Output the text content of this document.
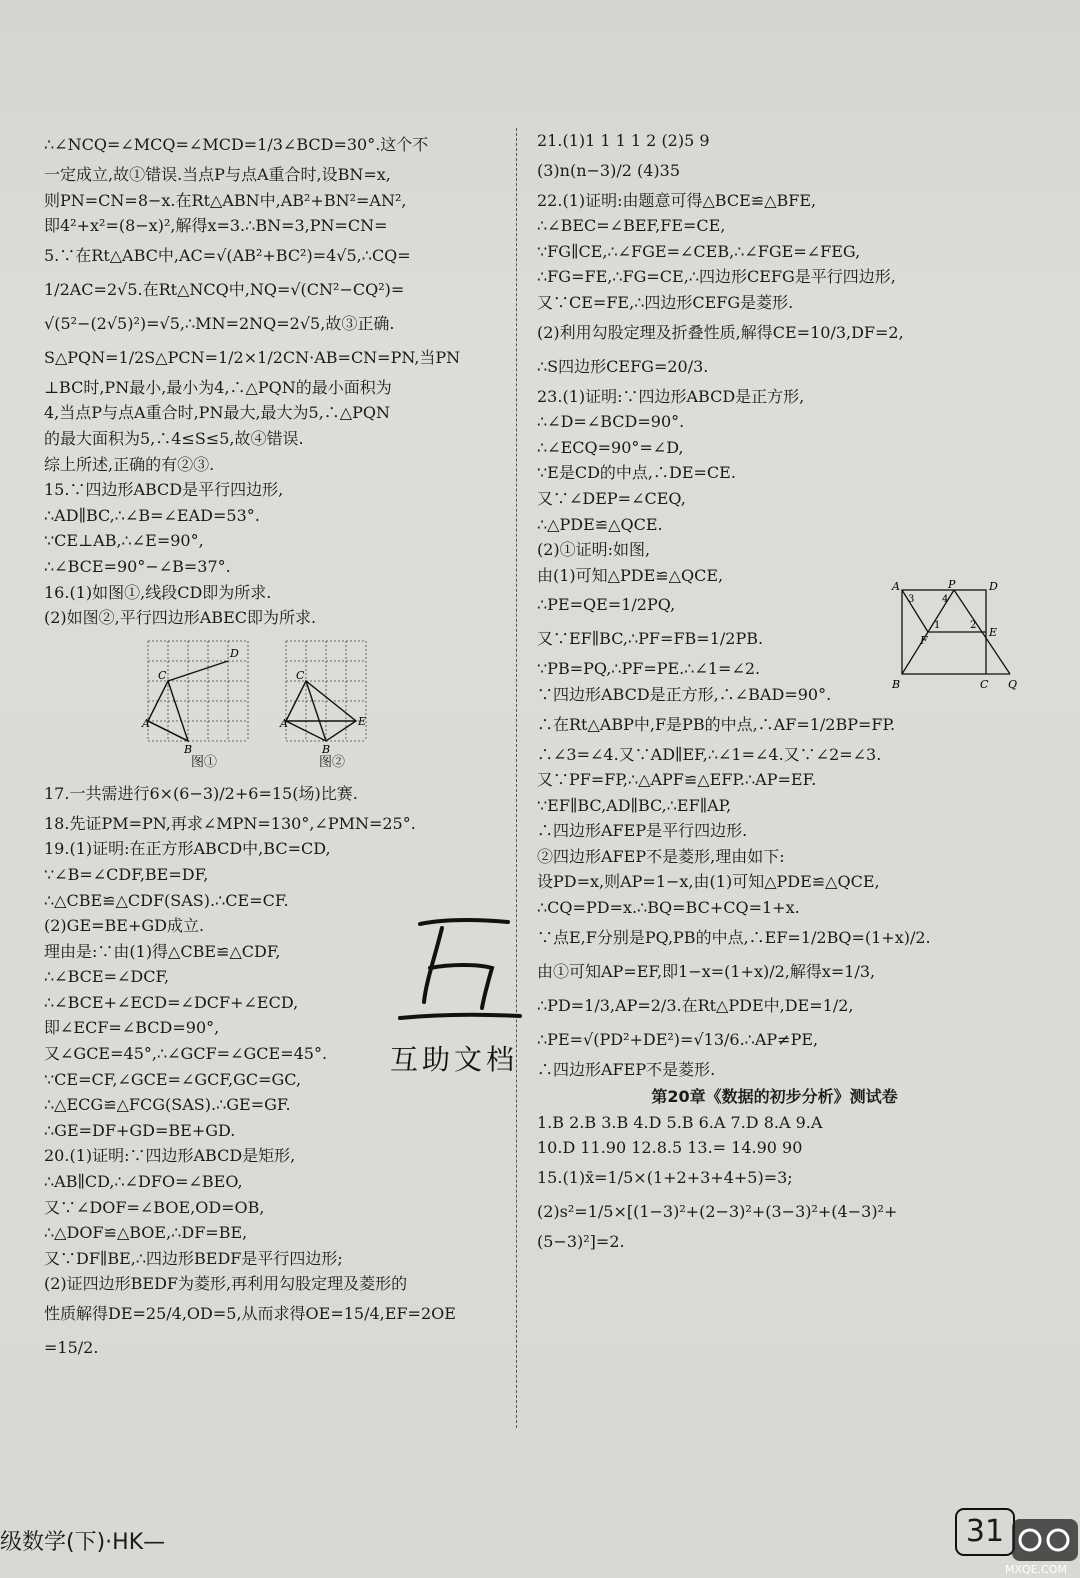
∴∠NCQ=∠MCQ=∠MCD=1/3∠BCD=30°.这个不
一定成立,故①错误.当点P与点A重合时,设BN=x,
则PN=CN=8−x.在Rt△ABN中,AB²+BN²=AN²,
即4²+x²=(8−x)²,解得x=3.∴BN=3,PN=CN=
5.∵在Rt△ABC中,AC=√(AB²+BC²)=4√5,∴CQ=
1/2AC=2√5.在Rt△NCQ中,NQ=√(CN²−CQ²)=
√(5²−(2√5)²)=√5,∴MN=2NQ=2√5,故③正确.
S△PQN=1/2S△PCN=1/2×1/2CN·AB=CN=PN,当PN
⊥BC时,PN最小,最小为4,∴△PQN的最小面积为
4,当点P与点A重合时,PN最大,最大为5,∴△PQN
的最大面积为5,∴4≤S≤5,故④错误.
综上所述,正确的有②③.
15.∵四边形ABCD是平行四边形,
∴AD∥BC,∴∠B=∠EAD=53°.
∵CE⊥AB,∴∠E=90°,
∴∠BCE=90°−∠B=37°.
16.(1)如图①,线段CD即为所求.
(2)如图②,平行四边形ABEC即为所求.
D
C
A
B
图①
C
A	E
B
图②
17.一共需进行6×(6−3)/2+6=15(场)比赛.
18.先证PM=PN,再求∠MPN=130°,∠PMN=25°.
19.(1)证明:在正方形ABCD中,BC=CD,
∵∠B=∠CDF,BE=DF,
∴△CBE≌△CDF(SAS).∴CE=CF.
(2)GE=BE+GD成立.
理由是:∵由(1)得△CBE≌△CDF,
∴∠BCE=∠DCF,
∴∠BCE+∠ECD=∠DCF+∠ECD,
即∠ECF=∠BCD=90°,
又∠GCE=45°,∴∠GCF=∠GCE=45°.
∵CE=CF,∠GCE=∠GCF,GC=GC,
∴△ECG≌△FCG(SAS).∴GE=GF.
∴GE=DF+GD=BE+GD.
20.(1)证明:∵四边形ABCD是矩形,
∴AB∥CD,∴∠DFO=∠BEO,
又∵∠DOF=∠BOE,OD=OB,
∴△DOF≌△BOE,∴DF=BE,
又∵DF∥BE,∴四边形BEDF是平行四边形;
(2)证四边形BEDF为菱形,再利用勾股定理及菱形的
性质解得DE=25/4,OD=5,从而求得OE=15/4,EF=2OE
=15/2.
21.(1)1 1 1 1 2 (2)5 9
(3)n(n−3)/2 (4)35
22.(1)证明:由题意可得△BCE≌△BFE,
∴∠BEC=∠BEF,FE=CE,
∵FG∥CE,∴∠FGE=∠CEB,∴∠FGE=∠FEG,
∴FG=FE,∴FG=CE,∴四边形CEFG是平行四边形,
又∵CE=FE,∴四边形CEFG是菱形.
(2)利用勾股定理及折叠性质,解得CE=10/3,DF=2,
∴S四边形CEFG=20/3.
23.(1)证明:∵四边形ABCD是正方形,
∴∠D=∠BCD=90°.
∴∠ECQ=90°=∠D,
∵E是CD的中点,∴DE=CE.
又∵∠DEP=∠CEQ,
∴△PDE≌△QCE.
(2)①证明:如图,
由(1)可知△PDE≌△QCE,
∴PE=QE=1/2PQ,
又∵EF∥BC,∴PF=FB=1/2PB.
∵PB=PQ,∴PF=PE.∴∠1=∠2.
∵四边形ABCD是正方形,∴∠BAD=90°.
∴在Rt△ABP中,F是PB的中点,∴AF=1/2BP=FP.
∴∠3=∠4.又∵AD∥EF,∴∠1=∠4.又∵∠2=∠3.
又∵PF=FP,∴△APF≌△EFP.∴AP=EF.
∵EF∥BC,AD∥BC,∴EF∥AP,
∴四边形AFEP是平行四边形.
②四边形AFEP不是菱形,理由如下:
设PD=x,则AP=1−x,由(1)可知△PDE≌△QCE,
∴CQ=PD=x.∴BQ=BC+CQ=1+x.
∵点E,F分别是PQ,PB的中点,∴EF=1/2BQ=(1+x)/2.
由①可知AP=EF,即1−x=(1+x)/2,解得x=1/3,
∴PD=1/3,AP=2/3.在Rt△PDE中,DE=1/2,
∴PE=√(PD²+DE²)=√13/6.∴AP≠PE,
∴四边形AFEP不是菱形.
第20章《数据的初步分析》测试卷
1.B 2.B 3.B 4.D 5.B 6.A 7.D 8.A 9.A
10.D 11.90 12.8.5 13.= 14.90 90
15.(1)x̄=1/5×(1+2+3+4+5)=3;
(2)s²=1/5×[(1−3)²+(2−3)²+(3−3)²+(4−3)²+
(5−3)²]=2.
A	P	D
B	C Q
E
F
1	2
3	4
互助文档
级数学(下)·HK—	31
MXQE.COM
